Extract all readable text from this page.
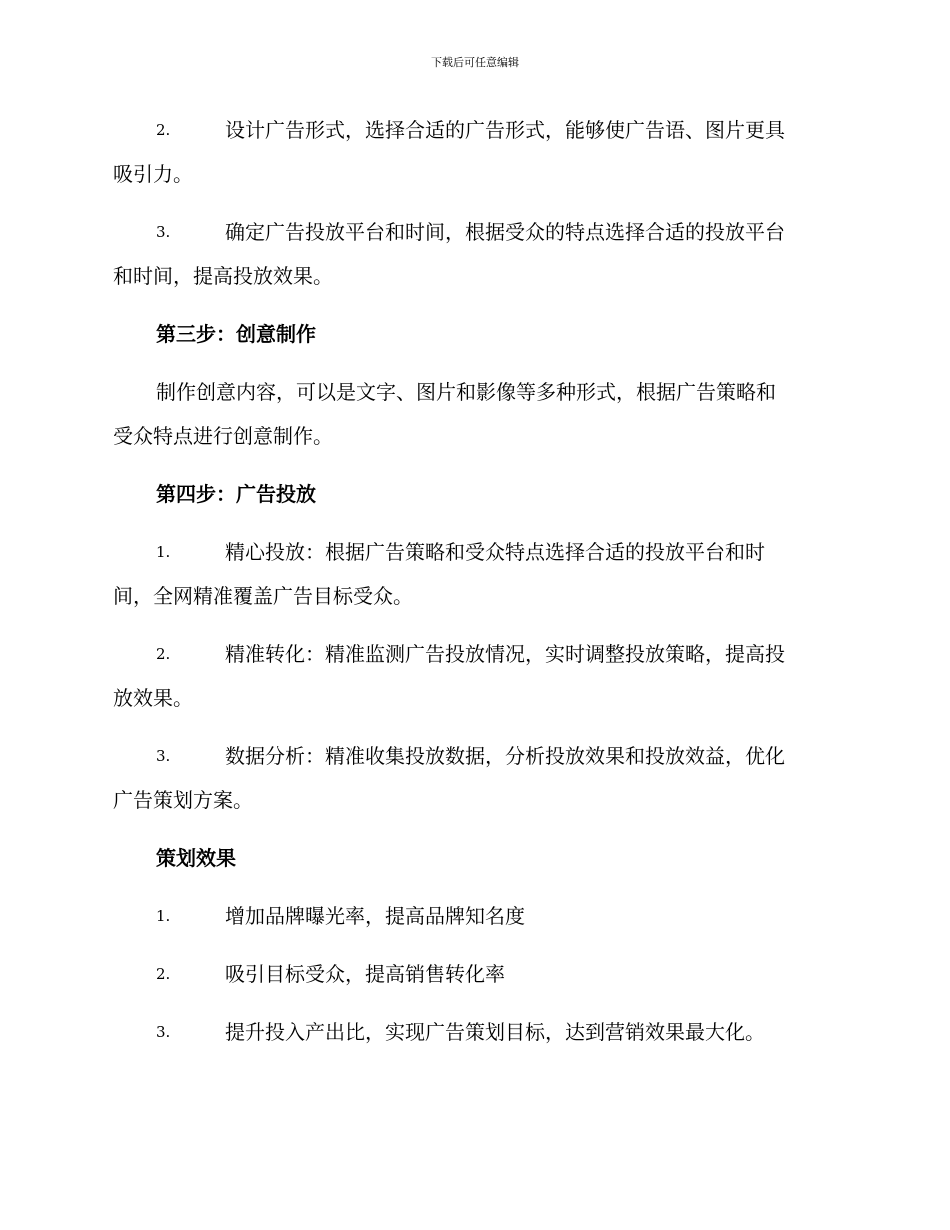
下载后可任意编辑
2.	设计广告形式，选择合适的广告形式，能够使广告语、图片更具
吸引力。
3.	确定广告投放平台和时间，根据受众的特点选择合适的投放平台
和时间，提高投放效果。
第三步：创意制作
制作创意内容，可以是文字、图片和影像等多种形式，根据广告策略和
受众特点进行创意制作。
第四步：广告投放
1.	精心投放：根据广告策略和受众特点选择合适的投放平台和时
间，全网精准覆盖广告目标受众。
2.	精准转化：精准监测广告投放情况，实时调整投放策略，提高投
放效果。
3.	数据分析：精准收集投放数据，分析投放效果和投放效益，优化
广告策划方案。
策划效果
1.	增加品牌曝光率，提高品牌知名度
2.	吸引目标受众，提高销售转化率
3.	提升投入产出比，实现广告策划目标，达到营销效果最大化。
